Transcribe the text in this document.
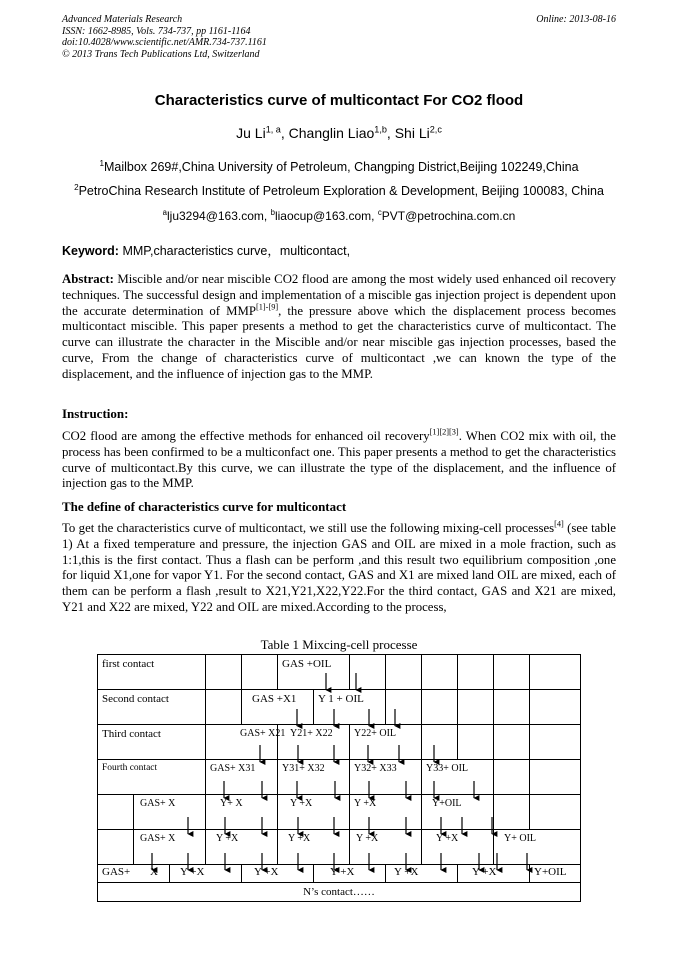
Advanced Materials Research
ISSN: 1662-8985, Vols. 734-737, pp 1161-1164
doi:10.4028/www.scientific.net/AMR.734-737.1161
© 2013 Trans Tech Publications Ltd, Switzerland
Online: 2013-08-16
Characteristics curve of multicontact For CO2 flood
Ju Li$^{1, a}$, Changlin Liao$^{1,b}$, Shi Li$^{2,c}$
$^1$Mailbox 269#,China University of Petroleum, Changping District,Beijing 102249,China
$^2$PetroChina Research Institute of Petroleum Exploration & Development, Beijing 100083, China
$^a$lju3294@163.com, $^b$liaocup@163.com, $^c$PVT@petrochina.com.cn
Keyword: MMP,characteristics curve，multicontact,
Abstract: Miscible and/or near miscible CO2 flood are among the most widely used enhanced oil recovery techniques. The successful design and implementation of a miscible gas injection project is dependent upon the accurate determination of MMP[1]-[9], the pressure above which the displacement process becomes multicontact miscible. This paper presents a method to get the characteristics curve of multicontact. The curve can illustrate the character in the Miscible and/or near miscible gas injection processes, based the curve, From the change of characteristics curve of multicontact ,we can known the type of the displacement, and the influence of injection gas to the MMP.
Instruction:
CO2 flood are among the effective methods for enhanced oil recovery[1][2][3]. When CO2 mix with oil, the process has been confirmed to be a multiconfact one. This paper presents a method to get the characteristics curve of multicontact.By this curve, we can illustrate the type of the displacement, and the influence of injection gas to the MMP.
The define of characteristics curve for multicontact
To get the characteristics curve of multicontact, we still use the following mixing-cell processes[4] (see table 1) At a fixed temperature and pressure, the injection GAS and OIL are mixed in a mole fraction, such as 1:1,this is the first contact. Thus a flash can be perform ,and this result two equilibrium composition ,one for liquid X1,one for vapor Y1. For the second contact, GAS and X1 are mixed land OIL are mixed, each of them can be perform a flash ,result to X21,Y21,X22,Y22.For the third contact, GAS and X21 are mixed, Y21 and X22 are mixed, Y22 and OIL are mixed.According to the process,
Table 1 Mixcing-cell processe
first contact					GAS +OIL							

Second contact				GAS +X1		Y 1 + OIL						

Third contact			GAS+ X21		Y21+ X22		Y22+ OIL					

Fourth contact			GAS+ X31		Y31+ X32		Y32+ X33		Y33+ OIL			

	GAS+ X		Y+ X		Y +X		Y +X		Y+OIL			

	GAS+ X		Y +X		Y +X		Y +X		Y +X		Y+ OIL	

GAS+ X		Y +X		Y +X		Y +X		Y +X		Y +X		Y+OIL

N’s contact……												
